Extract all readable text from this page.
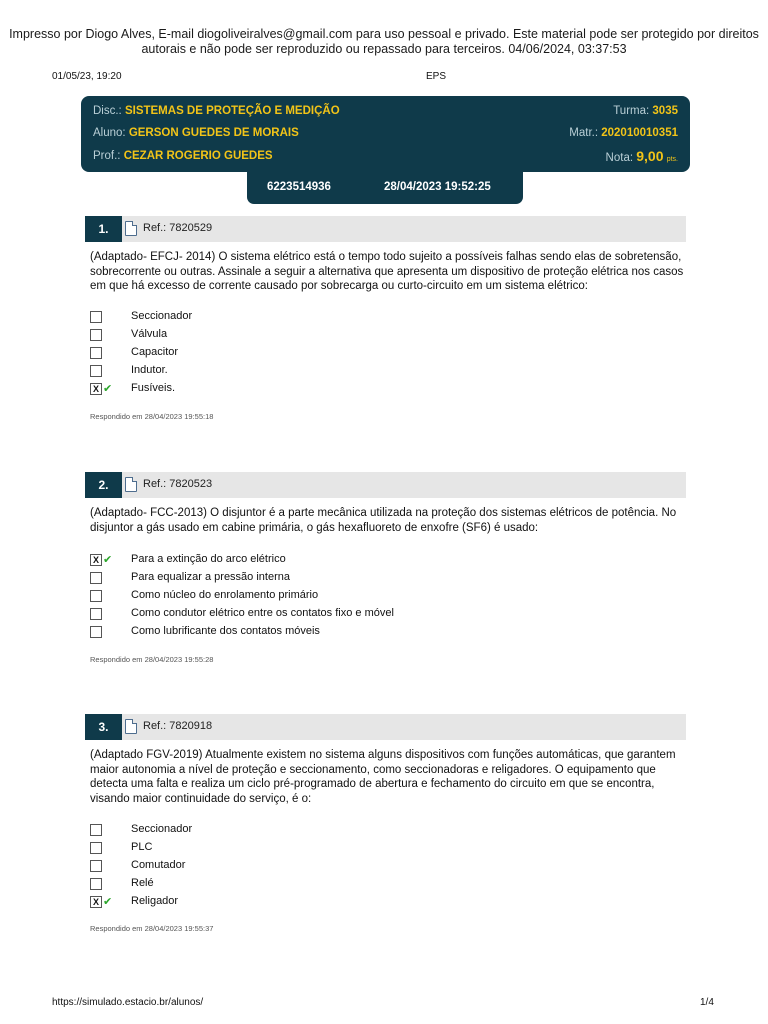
Impresso por Diogo Alves, E-mail diogoliveiralves@gmail.com para uso pessoal e privado. Este material pode ser protegido por direitos
autorais e não pode ser reproduzido ou repassado para terceiros. 04/06/2024, 03:37:53
01/05/23, 19:20	EPS
Disc.: SISTEMAS DE PROTEÇÃO E MEDIÇÃO	Turma: 3035
Aluno: GERSON GUEDES DE MORAIS	Matr.: 202010010351
Prof.: CEZAR ROGERIO GUEDES	Nota: 9,00 pts.
6223514936	28/04/2023 19:52:25
1.	Ref.: 7820529
(Adaptado- EFCJ- 2014) O sistema elétrico está o tempo todo sujeito a possíveis falhas sendo elas de sobretensão, sobrecorrente ou outras. Assinale a seguir a alternativa que apresenta um dispositivo de proteção elétrica nos casos em que há excesso de corrente causado por sobrecarga ou curto-circuito em um sistema elétrico:
Seccionador
Válvula
Capacitor
Indutor.
X ✔ Fusíveis.
Respondido em 28/04/2023 19:55:18
2.	Ref.: 7820523
(Adaptado- FCC-2013) O disjuntor é a parte mecânica utilizada na proteção dos sistemas elétricos de potência. No disjuntor a gás usado em cabine primária, o gás hexafluoreto de enxofre (SF6) é usado:
X ✔ Para a extinção do arco elétrico
Para equalizar a pressão interna
Como núcleo do enrolamento primário
Como condutor elétrico entre os contatos fixo e móvel
Como lubrificante dos contatos móveis
Respondido em 28/04/2023 19:55:28
3.	Ref.: 7820918
(Adaptado FGV-2019) Atualmente existem no sistema alguns dispositivos com funções automáticas, que garantem maior autonomia a nível de proteção e seccionamento, como seccionadoras e religadores. O equipamento que detecta uma falta e realiza um ciclo pré-programado de abertura e fechamento do circuito em que se encontra, visando maior continuidade do serviço, é o:
Seccionador
PLC
Comutador
Relé
X ✔ Religador
Respondido em 28/04/2023 19:55:37
https://simulado.estacio.br/alunos/	1/4
